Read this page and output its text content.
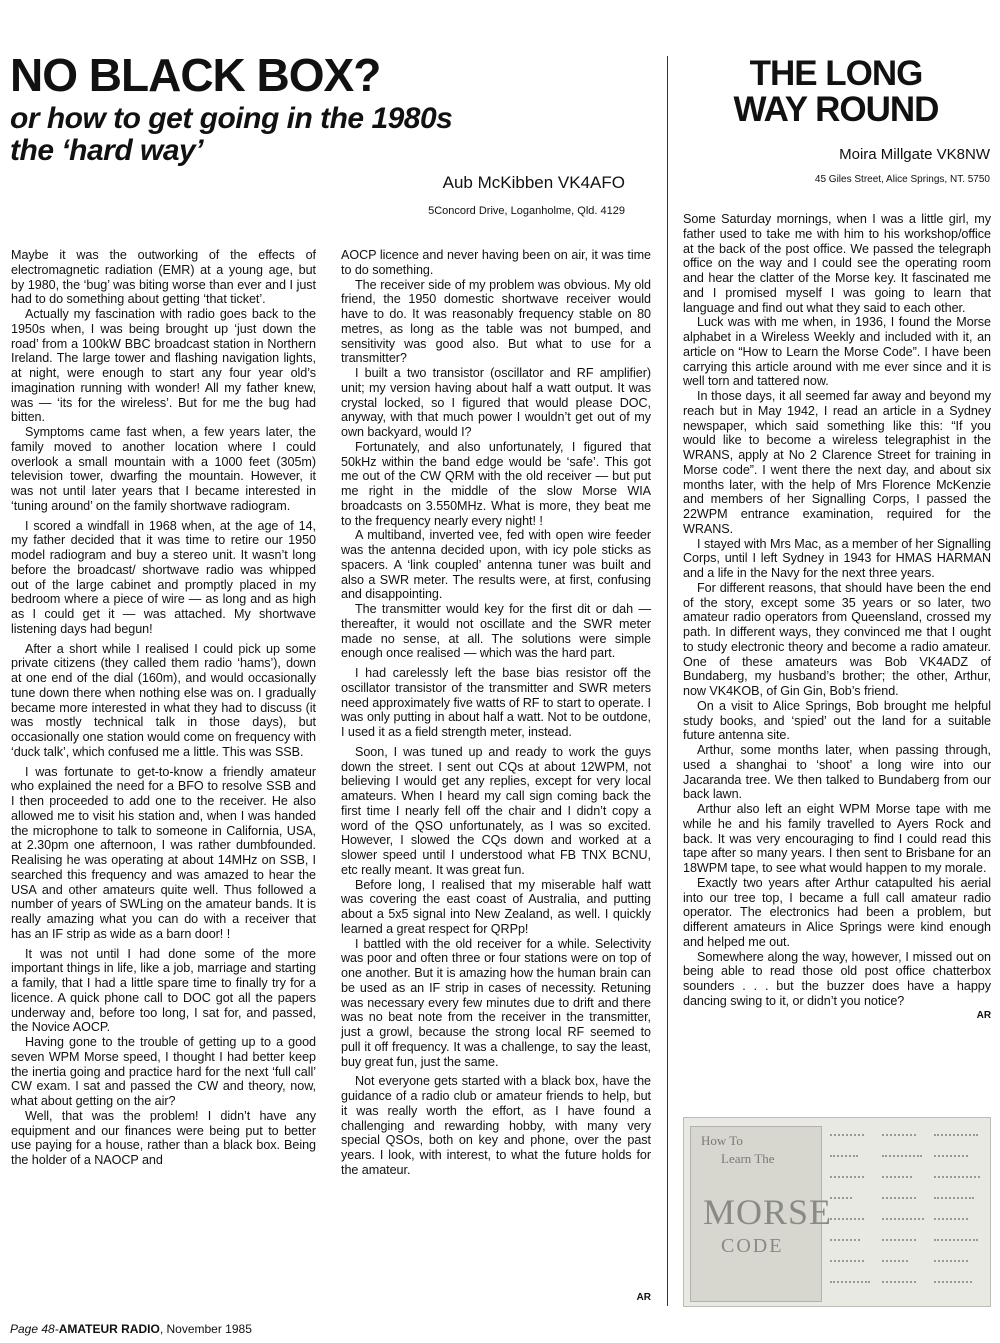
NO BLACK BOX?
or how to get going in the 1980s
the ‘hard way’
Aub McKibben VK4AFO
5Concord Drive, Loganholme, Qld. 4129

Maybe it was the outworking of the effects of electromagnetic radiation (EMR) at a young age, but by 1980, the ‘bug’ was biting worse than ever and I just had to do something about getting ‘that ticket’.

Actually my fascination with radio goes back to the 1950s when, I was being brought up ‘just down the road’ from a 100kW BBC broadcast station in Northern Ireland. The large tower and flashing navigation lights, at night, were enough to start any four year old’s imagination running with wonder! All my father knew, was — ‘its for the wireless’. But for me the bug had bitten.

Symptoms came fast when, a few years later, the family moved to another location where I could overlook a small mountain with a 1000 feet (305m) television tower, dwarfing the mountain. However, it was not until later years that I became interested in ‘tuning around’ on the family shortwave radiogram.

I scored a windfall in 1968 when, at the age of 14, my father decided that it was time to retire our 1950 model radiogram and buy a stereo unit. It wasn’t long before the broadcast/ shortwave radio was whipped out of the large cabinet and promptly placed in my bedroom where a piece of wire — as long and as high as I could get it — was attached. My shortwave listening days had begun!

After a short while I realised I could pick up some private citizens (they called them radio ‘hams’), down at one end of the dial (160m), and would occasionally tune down there when nothing else was on. I gradually became more interested in what they had to discuss (it was mostly technical talk in those days), but occasionally one station would come on frequency with ‘duck talk’, which confused me a little. This was SSB.

I was fortunate to get-to-know a friendly amateur who explained the need for a BFO to resolve SSB and I then proceeded to add one to the receiver. He also allowed me to visit his station and, when I was handed the microphone to talk to someone in California, USA, at 2.30pm one afternoon, I was rather dumbfounded. Realising he was operating at about 14MHz on SSB, I searched this frequency and was amazed to hear the USA and other amateurs quite well. Thus followed a number of years of SWLing on the amateur bands. It is really amazing what you can do with a receiver that has an IF strip as wide as a barn door! !

It was not until I had done some of the more important things in life, like a job, marriage and starting a family, that I had a little spare time to finally try for a licence. A quick phone call to DOC got all the papers underway and, before too long, I sat for, and passed, the Novice AOCP.

Having gone to the trouble of getting up to a good seven WPM Morse speed, I thought I had better keep the inertia going and practice hard for the next ‘full call’ CW exam. I sat and passed the CW and theory, now, what about getting on the air?

Well, that was the problem! I didn’t have any equipment and our finances were being put to better use paying for a house, rather than a black box. Being the holder of a NAOCP and

AOCP licence and never having been on air, it was time to do something.

The receiver side of my problem was obvious. My old friend, the 1950 domestic shortwave receiver would have to do. It was reasonably frequency stable on 80 metres, as long as the table was not bumped, and sensitivity was good also. But what to use for a transmitter?

I built a two transistor (oscillator and RF amplifier) unit; my version having about half a watt output. It was crystal locked, so I figured that would please DOC, anyway, with that much power I wouldn’t get out of my own backyard, would I?

Fortunately, and also unfortunately, I figured that 50kHz within the band edge would be ‘safe’. This got me out of the CW QRM with the old receiver — but put me right in the middle of the slow Morse WIA broadcasts on 3.550MHz. What is more, they beat me to the frequency nearly every night! !

A multiband, inverted vee, fed with open wire feeder was the antenna decided upon, with icy pole sticks as spacers. A ‘link coupled’ antenna tuner was built and also a SWR meter. The results were, at first, confusing and disappointing.

The transmitter would key for the first dit or dah — thereafter, it would not oscillate and the SWR meter made no sense, at all. The solutions were simple enough once realised — which was the hard part.

I had carelessly left the base bias resistor off the oscillator transistor of the transmitter and SWR meters need approximately five watts of RF to start to operate. I was only putting in about half a watt. Not to be outdone, I used it as a field strength meter, instead.

Soon, I was tuned up and ready to work the guys down the street. I sent out CQs at about 12WPM, not believing I would get any replies, except for very local amateurs. When I heard my call sign coming back the first time I nearly fell off the chair and I didn’t copy a word of the QSO unfortunately, as I was so excited. However, I slowed the CQs down and worked at a slower speed until I understood what FB TNX BCNU, etc really meant. It was great fun.

Before long, I realised that my miserable half watt was covering the east coast of Australia, and putting about a 5x5 signal into New Zealand, as well. I quickly learned a great respect for QRPp!

I battled with the old receiver for a while. Selectivity was poor and often three or four stations were on top of one another. But it is amazing how the human brain can be used as an IF strip in cases of necessity. Retuning was necessary every few minutes due to drift and there was no beat note from the receiver in the transmitter, just a growl, because the strong local RF seemed to pull it off frequency. It was a challenge, to say the least, buy great fun, just the same.

Not everyone gets started with a black box, have the guidance of a radio club or amateur friends to help, but it was really worth the effort, as I have found a challenging and rewarding hobby, with many very special QSOs, both on key and phone, over the past years. I look, with interest, to what the future holds for the amateur.

AR
THE LONG
WAY ROUND
Moira Millgate VK8NW
45 Giles Street, Alice Springs, NT. 5750

Some Saturday mornings, when I was a little girl, my father used to take me with him to his workshop/office at the back of the post office. We passed the telegraph office on the way and I could see the operating room and hear the clatter of the Morse key. It fascinated me and I promised myself I was going to learn that language and find out what they said to each other.

Luck was with me when, in 1936, I found the Morse alphabet in a Wireless Weekly and included with it, an article on “How to Learn the Morse Code”. I have been carrying this article around with me ever since and it is well torn and tattered now.

In those days, it all seemed far away and beyond my reach but in May 1942, I read an article in a Sydney newspaper, which said something like this: “If you would like to become a wireless telegraphist in the WRANS, apply at No 2 Clarence Street for training in Morse code”. I went there the next day, and about six months later, with the help of Mrs Florence McKenzie and members of her Signalling Corps, I passed the 22WPM entrance examination, required for the WRANS.

I stayed with Mrs Mac, as a member of her Signalling Corps, until I left Sydney in 1943 for HMAS HARMAN and a life in the Navy for the next three years.

For different reasons, that should have been the end of the story, except some 35 years or so later, two amateur radio operators from Queensland, crossed my path. In different ways, they convinced me that I ought to study electronic theory and become a radio amateur. One of these amateurs was Bob VK4ADZ of Bundaberg, my husband’s brother; the other, Arthur, now VK4KOB, of Gin Gin, Bob’s friend.

On a visit to Alice Springs, Bob brought me helpful study books, and ‘spied’ out the land for a suitable future antenna site.

Arthur, some months later, when passing through, used a shanghai to ‘shoot’ a long wire into our Jacaranda tree. We then talked to Bundaberg from our back lawn.

Arthur also left an eight WPM Morse tape with me while he and his family travelled to Ayers Rock and back. It was very encouraging to find I could read this tape after so many years. I then sent to Brisbane for an 18WPM tape, to see what would happen to my morale.

Exactly two years after Arthur catapulted his aerial into our tree top, I became a full call amateur radio operator. The electronics had been a problem, but different amateurs in Alice Springs were kind enough and helped me out.

Somewhere along the way, however, I missed out on being able to read those old post office chatterbox sounders . . . but the buzzer does have a happy dancing swing to it, or didn’t you notice?

AR
How To
Learn The
MORSE
CODE
Page 48-AMATEUR RADIO, November 1985
